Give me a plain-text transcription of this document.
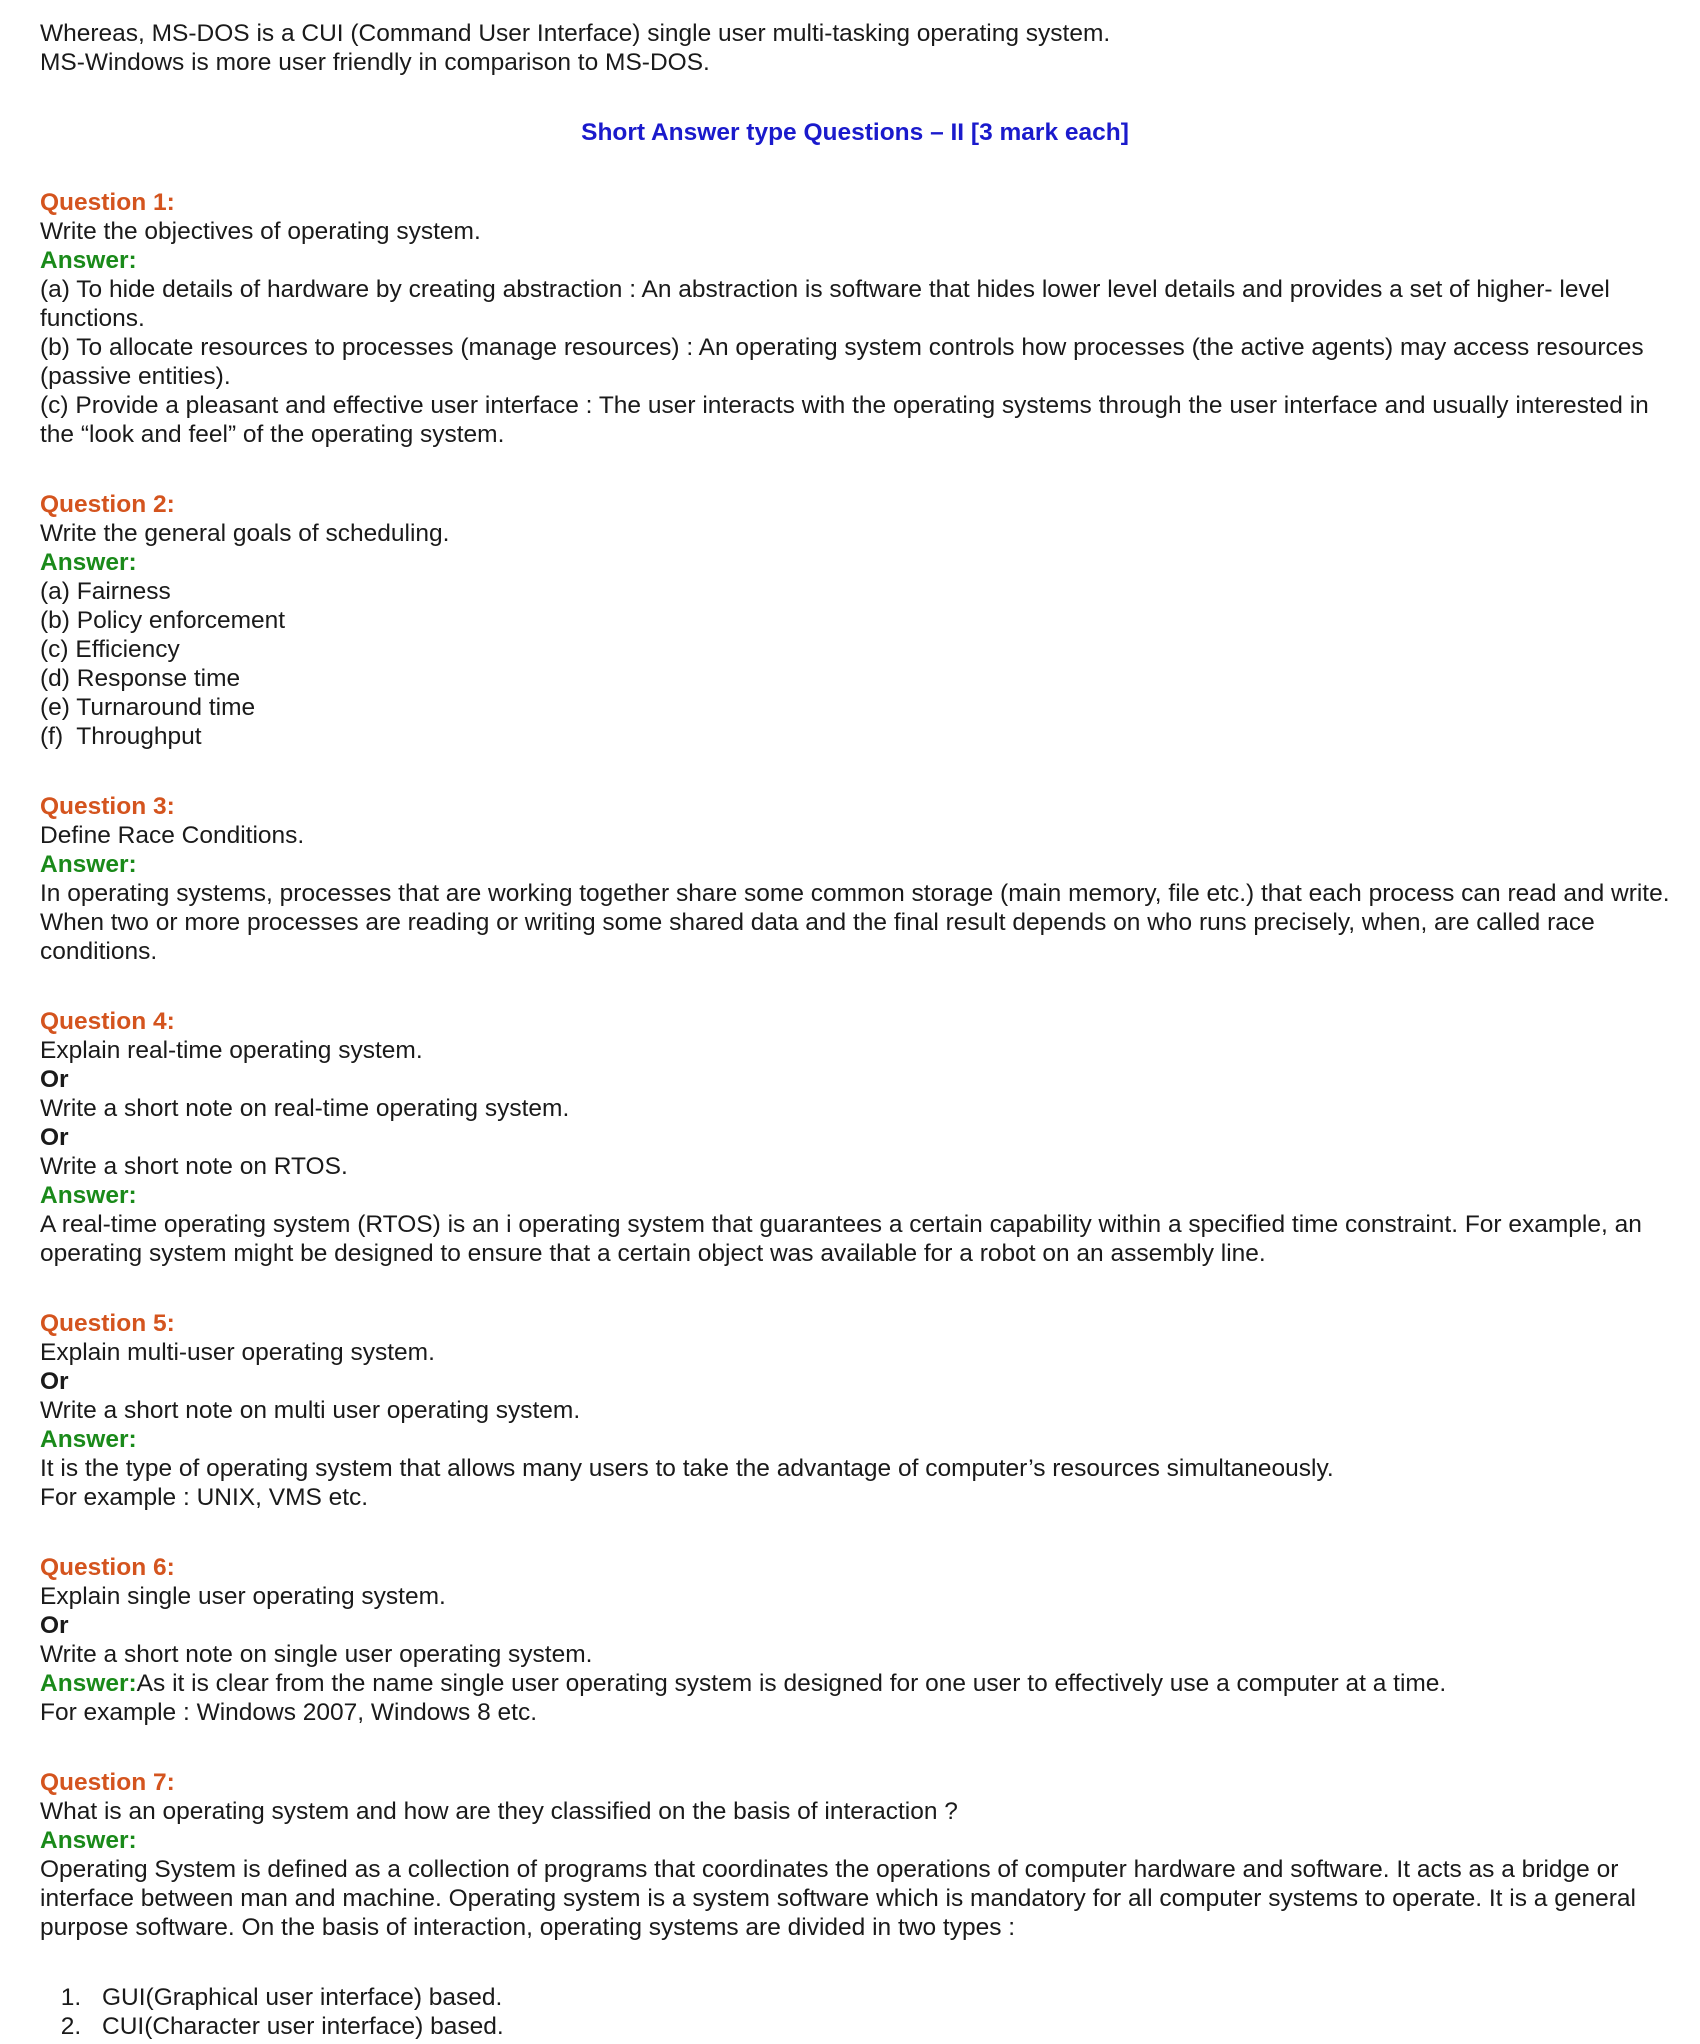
Whereas, MS-DOS is a CUI (Command User Interface) single user multi-tasking operating system.

MS-Windows is more user friendly in comparison to MS-DOS.

Short Answer type Questions – II [3 mark each]

Question 1:

Write the objectives of operating system.

Answer:

(a) To hide details of hardware by creating abstraction : An abstraction is software that hides lower level details and provides a set of higher- level functions.

(b) To allocate resources to processes (manage resources) : An operating system controls how processes (the active agents) may access resources (passive entities).

(c) Provide a pleasant and effective user interface : The user interacts with the operating systems through the user interface and usually interested in the “look and feel” of the operating system.

Question 2:

Write the general goals of scheduling.

Answer:

(a) Fairness

(b) Policy enforcement

(c) Efficiency

(d) Response time

(e) Turnaround time

(f)  Throughput

Question 3:

Define Race Conditions.

Answer:

In operating systems, processes that are working together share some common storage (main memory, file etc.) that each process can read and write. When two or more processes are reading or writing some shared data and the final result depends on who runs precisely, when, are called race conditions.

Question 4:

Explain real-time operating system.

Or

Write a short note on real-time operating system.

Or

Write a short note on RTOS.

Answer:

A real-time operating system (RTOS) is an i operating system that guarantees a certain capability within a specified time constraint. For example, an operating system might be designed to ensure that a certain object was available for a robot on an assembly line.

Question 5:

Explain multi-user operating system.

Or

Write a short note on multi user operating system.

Answer:

It is the type of operating system that allows many users to take the advantage of computer’s resources simultaneously.

For example : UNIX, VMS etc.

Question 6:

Explain single user operating system.

Or

Write a short note on single user operating system.

Answer:As it is clear from the name single user operating system is designed for one user to effectively use a computer at a time.

For example : Windows 2007, Windows 8 etc.

Question 7:

What is an operating system and how are they classified on the basis of interaction ?

Answer:

Operating System is defined as a collection of programs that coordinates the operations of computer hardware and software. It acts as a bridge or interface between man and machine. Operating system is a system software which is mandatory for all computer systems to operate. It is a general purpose software. On the basis of interaction, operating systems are divided in two types :

1. GUI(Graphical user interface) based.
2. CUI(Character user interface) based.
